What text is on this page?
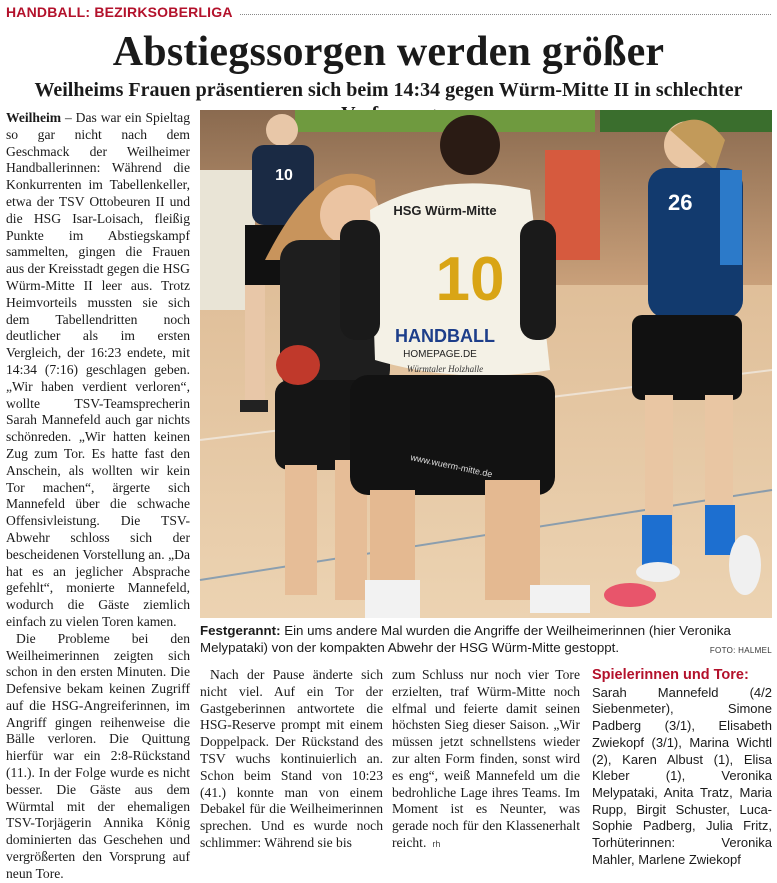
HANDBALL: BEZIRKSOBERLIGA
Abstiegssorgen werden größer
Weilheims Frauen präsentieren sich beim 14:34 gegen Würm-Mitte II in schlechter

Weilheim – Das war ein Spieltag so gar nicht nach dem Geschmack der Weilheimer Handballerinnen: Während die Konkurrenten im Tabellenkeller, etwa der TSV Ottobeuren II und die HSG Isar-Loisach, fleißig Punkte im Abstiegskampf sammelten, gingen die Frauen aus der Kreisstadt gegen die HSG Würm-Mitte II leer aus. Trotz Heimvorteils mussten sie sich dem Tabellendritten noch deutlicher als im ersten Vergleich, der 16:23 endete, mit 14:34 (7:16) geschlagen geben. „Wir haben verdient verloren“, wollte TSV-Teamsprecherin Sarah Mannefeld auch gar nichts schönreden. „Wir hatten keinen Zug zum Tor. Es hatte fast den Anschein, als wollten wir kein Tor machen“, ärgerte sich Mannefeld über die schwache Offensivleistung. Die TSV-Abwehr schloss sich der bescheidenen Vorstellung an. „Da hat es an jeglicher Absprache gefehlt“, monierte Mannefeld, wodurch die Gäste ziemlich einfach zu vielen Toren kamen.

Die Probleme bei den Weilheimerinnen zeigten sich schon in den ersten Minuten. Die Defensive bekam keinen Zugriff auf die HSG-Angreiferinnen, im Angriff gingen reihenweise die Bälle verloren. Die Quittung hierfür war ein 2:8-Rückstand (11.). In der Folge wurde es nicht besser. Die Gäste aus dem Würmtal mit der ehemaligen TSV-Torjägerin Annika König dominierten das Geschehen und vergrößerten den Vorsprung auf neun Tore.

10
26
HSG Würm-Mitte
10
HANDBALL
HOMEPAGE.DE
Würmtaler Holzhalle
www.wuerm-mitte.de
Festgerannt: Ein ums andere Mal wurden die Angriffe der Weilheimerinnen (hier Veronika Melypataki) von der kompakten Abwehr der HSG Würm-Mitte gestoppt.	FOTO: HALMEL

Nach der Pause änderte sich nicht viel. Auf ein Tor der Gastgeberinnen antwortete die HSG-Reserve prompt mit einem Doppelpack. Der Rückstand des TSV wuchs kontinuierlich an. Schon beim Stand von 10:23 (41.) konnte man von einem Debakel für die Weilheimerinnen sprechen. Und es wurde noch schlimmer: Während sie bis

zum Schluss nur noch vier Tore erzielten, traf Würm-Mitte noch elfmal und feierte damit seinen höchsten Sieg dieser Saison. „Wir müssen jetzt schnellstens wieder zur alten Form finden, sonst wird es eng“, weiß Mannefeld um die bedrohliche Lage ihres Teams. Im Moment ist es Neunter, was gerade noch für den Klassenerhalt reicht. rh

Spielerinnen und Tore:
Sarah Mannefeld (4/2 Siebenmeter), Simone Padberg (3/1), Elisabeth Zwiekopf (3/1), Marina Wichtl (2), Karen Albust (1), Elisa Kleber (1), Veronika Melypataki, Anita Tratz, Maria Rupp, Birgit Schuster, Luca-Sophie Padberg, Julia Fritz, Torhüterinnen: Veronika Mahler, Marlene Zwiekopf
